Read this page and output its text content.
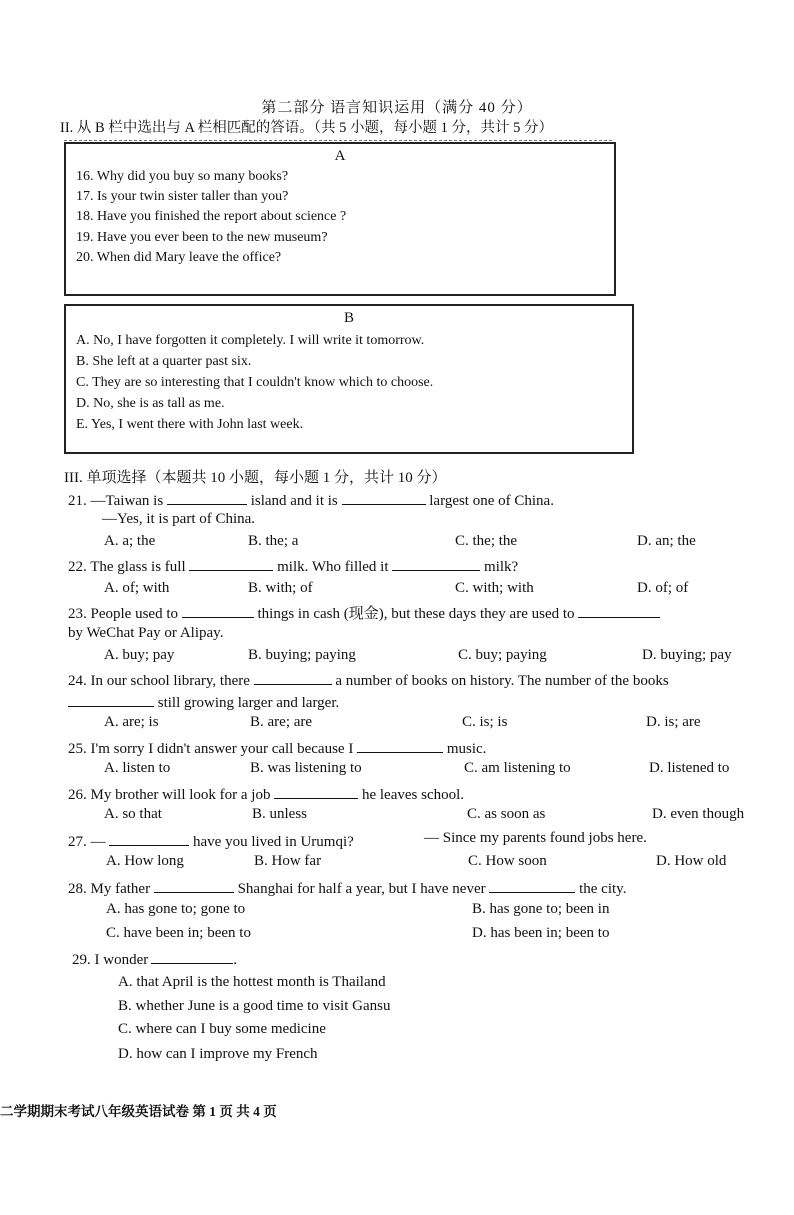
第二部分 语言知识运用（满分 40 分）
II. 从 B 栏中选出与 A 栏相匹配的答语。（共 5 小题，每小题 1 分，共计 5 分）
A
16. Why did you buy so many books?
17. Is your twin sister taller than you?
18. Have you finished the report about science ?
19. Have you ever been to the new museum?
20. When did Mary leave the office?
B
A. No, I have forgotten it completely. I will write it tomorrow.
B. She left at a quarter past six.
C. They are so interesting that I couldn't know which to choose.
D. No, she is as tall as me.
E. Yes, I went there with John last week.
III. 单项选择（本题共 10 小题，每小题 1 分，共计 10 分）
21. —Taiwan is	island and it is	largest one of China.
—Yes, it is part of China.
A. a; the	B. the; a	C. the; the	D. an; the
22. The glass is full	milk. Who filled it	milk?
A. of; with	B. with; of	C. with; with	D. of; of
23. People used to	things in cash (现金), but these days they are used to
by WeChat Pay or Alipay.
A. buy; pay	B. buying; paying	C. buy; paying	D. buying; pay
24. In our school library, there	a number of books on history. The number of the books
still growing larger and larger.
A. are; is	B. are; are	C. is; is	D. is; are
25. I'm sorry I didn't answer your call because I	music.
A. listen to	B. was listening to	C. am listening to	D. listened to
26. My brother will look for a job	he leaves school.
A. so that	B. unless	C. as soon as	D. even though
27. —	have you lived in Urumqi?	— Since my parents found jobs here.
A. How long	B. How far	C. How soon	D. How old
28. My father	Shanghai for half a year, but I have never	the city.
A. has gone to; gone to	B. has gone to; been in
C. have been in; been to	D. has been in; been to
29. I wonder	.
A. that April is the hottest month is Thailand
B. whether June is a good time to visit Gansu
C. where can I buy some medicine
D. how can I improve my French
二学期期末考试八年级英语试卷 第 1 页 共 4 页
